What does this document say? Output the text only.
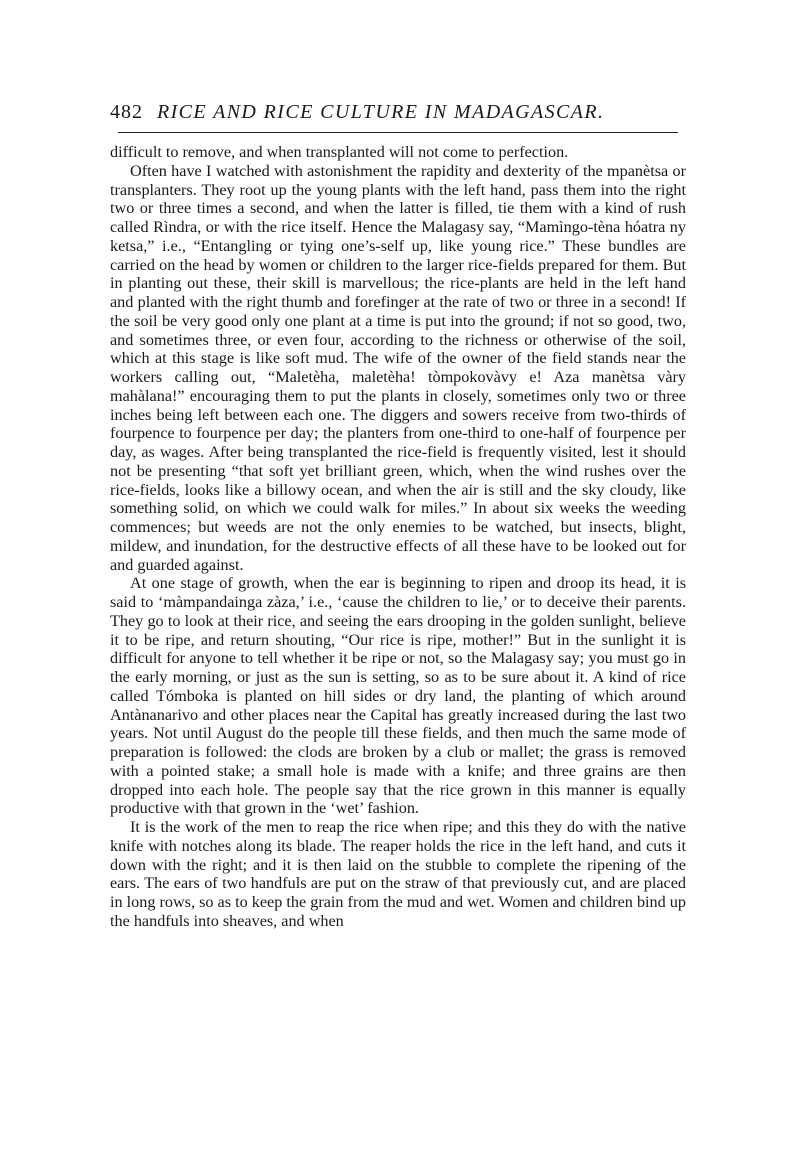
482 RICE AND RICE CULTURE IN MADAGASCAR.

difficult to remove, and when transplanted will not come to perfection.

Often have I watched with astonishment the rapidity and dexterity of the mpanètsa or transplanters. They root up the young plants with the left hand, pass them into the right two or three times a second, and when the latter is filled, tie them with a kind of rush called Rìndra, or with the rice itself. Hence the Malagasy say, “Mamìngo-tèna hóatra ny ketsa,” i.e., “Entangling or tying one’s-self up, like young rice.” These bundles are carried on the head by women or children to the larger rice-fields prepared for them. But in planting out these, their skill is marvellous; the rice-plants are held in the left hand and planted with the right thumb and forefinger at the rate of two or three in a second! If the soil be very good only one plant at a time is put into the ground; if not so good, two, and sometimes three, or even four, according to the richness or otherwise of the soil, which at this stage is like soft mud. The wife of the owner of the field stands near the workers calling out, “Maletèha, maletèha! tòmpokovàvy e! Aza manètsa vàry mahàlana!” encouraging them to put the plants in closely, sometimes only two or three inches being left between each one. The diggers and sowers receive from two-thirds of fourpence to fourpence per day; the planters from one-third to one-half of fourpence per day, as wages. After being transplanted the rice-field is frequently visited, lest it should not be presenting “that soft yet brilliant green, which, when the wind rushes over the rice-fields, looks like a billowy ocean, and when the air is still and the sky cloudy, like something solid, on which we could walk for miles.” In about six weeks the weeding commences; but weeds are not the only enemies to be watched, but insects, blight, mildew, and inundation, for the destructive effects of all these have to be looked out for and guarded against.

At one stage of growth, when the ear is beginning to ripen and droop its head, it is said to ‘màmpandainga zàza,’ i.e., ‘cause the children to lie,’ or to deceive their parents. They go to look at their rice, and seeing the ears drooping in the golden sunlight, believe it to be ripe, and return shouting, “Our rice is ripe, mother!” But in the sunlight it is difficult for anyone to tell whether it be ripe or not, so the Malagasy say; you must go in the early morning, or just as the sun is setting, so as to be sure about it. A kind of rice called Tómboka is planted on hill sides or dry land, the planting of which around Antànanarivo and other places near the Capital has greatly increased during the last two years. Not until August do the people till these fields, and then much the same mode of preparation is followed: the clods are broken by a club or mallet; the grass is removed with a pointed stake; a small hole is made with a knife; and three grains are then dropped into each hole. The people say that the rice grown in this manner is equally productive with that grown in the ‘wet’ fashion.

It is the work of the men to reap the rice when ripe; and this they do with the native knife with notches along its blade. The reaper holds the rice in the left hand, and cuts it down with the right; and it is then laid on the stubble to complete the ripening of the ears. The ears of two handfuls are put on the straw of that previously cut, and are placed in long rows, so as to keep the grain from the mud and wet. Women and children bind up the handfuls into sheaves, and when
